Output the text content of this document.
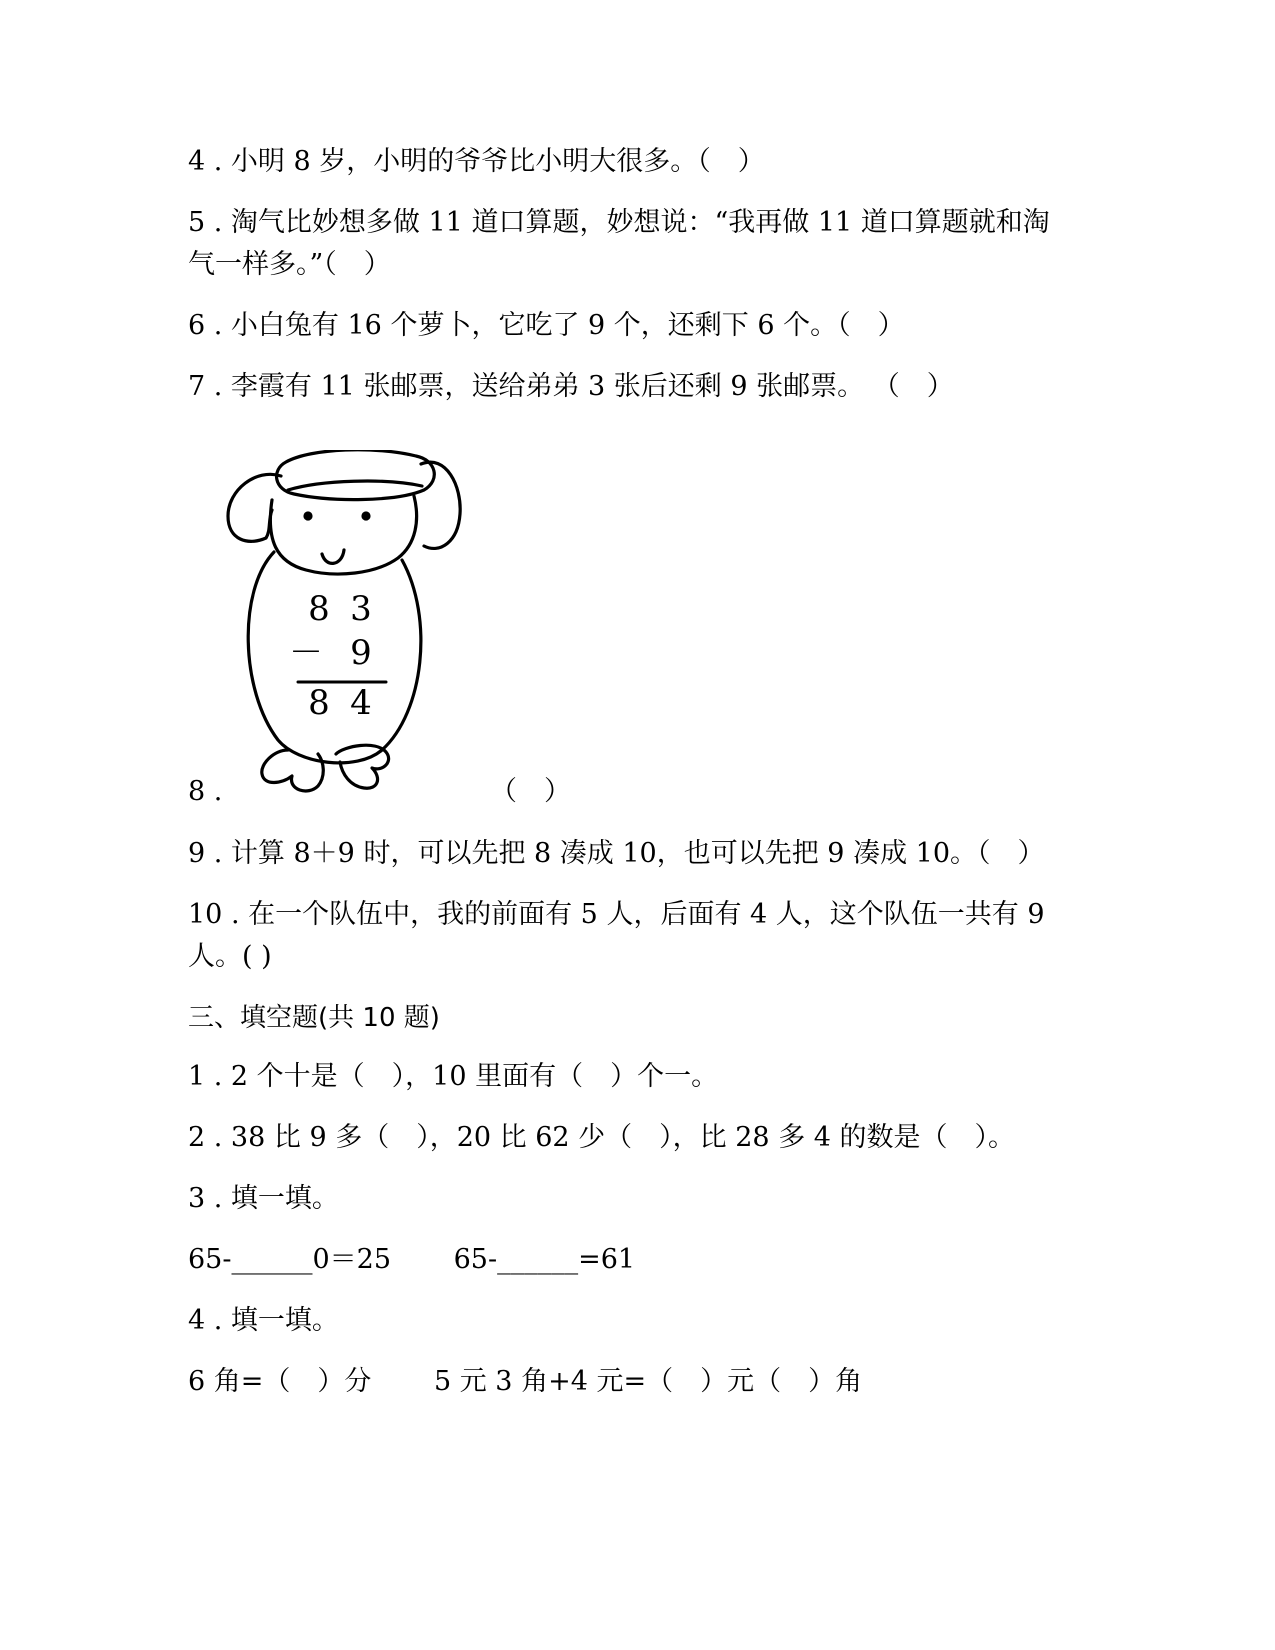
4 . 小明 8 岁，小明的爷爷比小明大很多。（　）
5 . 淘气比妙想多做 11 道口算题，妙想说：“我再做 11 道口算题就和淘
气一样多。”（　）
6 . 小白兔有 16 个萝卜，它吃了 9 个，还剩下 6 个。（　）
7 . 李霞有 11 张邮票，送给弟弟 3 张后还剩 9 张邮票。 （　）
8 3
－ 9
8 4
8 .	（　）
9 . 计算 8＋9 时，可以先把 8 凑成 10，也可以先把 9 凑成 10。（　）
10 . 在一个队伍中，我的前面有 5 人，后面有 4 人，这个队伍一共有 9
人。( )
三、填空题(共 10 题)
1 . 2 个十是（　），10 里面有（　）个一。
2 . 38 比 9 多（　），20 比 62 少（　），比 28 多 4 的数是（　）。
3 . 填一填。
65-______0＝25　　 65-______=61
4 . 填一填。
6 角=（　）分　　 5 元 3 角+4 元=（　）元（　）角
